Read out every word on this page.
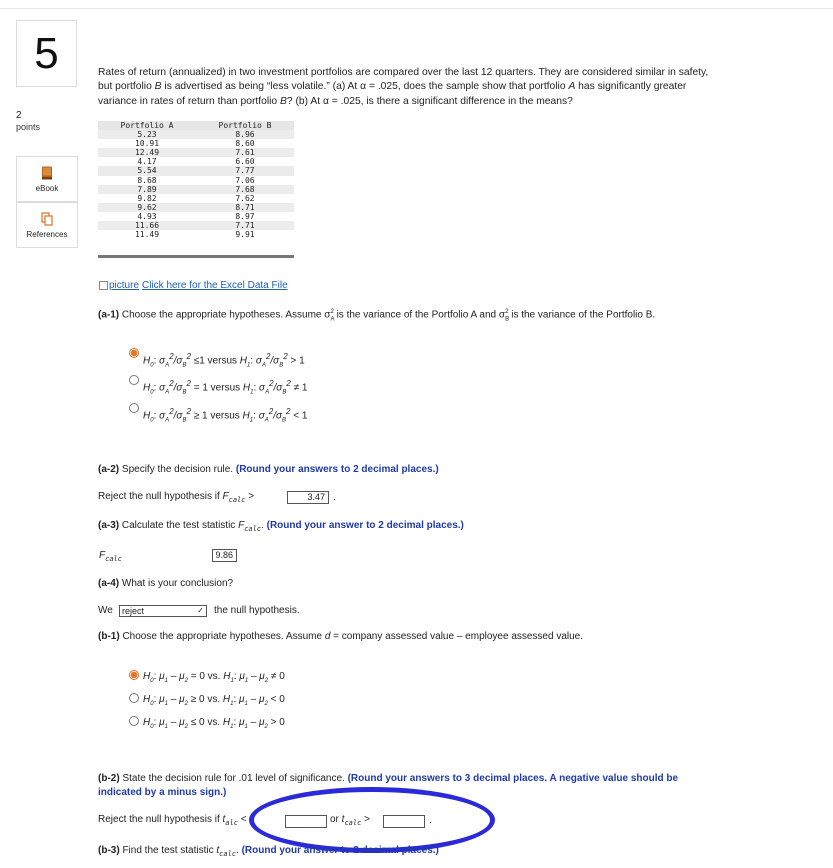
5
2
points
eBook
References
Rates of return (annualized) in two investment portfolios are compared over the last 12 quarters. They are considered similar in safety,
but portfolio B is advertised as being “less volatile.” (a) At α = .025, does the sample show that portfolio A has significantly greater
variance in rates of return than portfolio B? (b) At α = .025, is there a significant difference in the means?
Portfolio A	Portfolio B
5.23	8.96
10.91	8.60
12.49	7.61
4.17	6.60
5.54	7.77
8.68	7.06
7.89	7.68
9.82	7.62
9.62	8.71
4.93	8.97
11.66	7.71
11.49	9.91
picture Click here for the Excel Data File
(a-1) Choose the appropriate hypotheses. Assume $\sigma_A^2$ is the variance of the Portfolio A and $\sigma_B^2$ is the variance of the Portfolio B.
$H_0$: $\sigma_A^2/\sigma_B^2 \le 1$ versus $H_1$: $\sigma_A^2/\sigma_B^2 > 1$
$H_0$: $\sigma_A^2/\sigma_B^2 = 1$ versus $H_1$: $\sigma_A^2/\sigma_B^2 \ne 1$
$H_0$: $\sigma_A^2/\sigma_B^2 \ge 1$ versus $H_1$: $\sigma_A^2/\sigma_B^2 < 1$
(a-2) Specify the decision rule. (Round your answers to 2 decimal places.)
Reject the null hypothesis if $F_{calc}$ >	3.47 .
(a-3) Calculate the test statistic $F_{calc}$. (Round your answer to 2 decimal places.)
$F_{calc}$	9.86
(a-4) What is your conclusion?
We	reject	✓ the null hypothesis.
(b-1) Choose the appropriate hypotheses. Assume d = company assessed value – employee assessed value.
$H_0$: $\mu_1 - \mu_2 = 0$ vs. $H_1$: $\mu_1 - \mu_2 \ne 0$
$H_0$: $\mu_1 - \mu_2 \ge 0$ vs. $H_1$: $\mu_1 - \mu_2 < 0$
$H_0$: $\mu_1 - \mu_2 \le 0$ vs. $H_1$: $\mu_1 - \mu_2 > 0$
(b-2) State the decision rule for .01 level of significance. (Round your answers to 3 decimal places. A negative value should be
indicated by a minus sign.)
Reject the null hypothesis if $t_{alc}$ <	or $t_{calc}$ >	.
(b-3) Find the test statistic $t_{calc}$. (Round your answer to 2 decimal places.)
